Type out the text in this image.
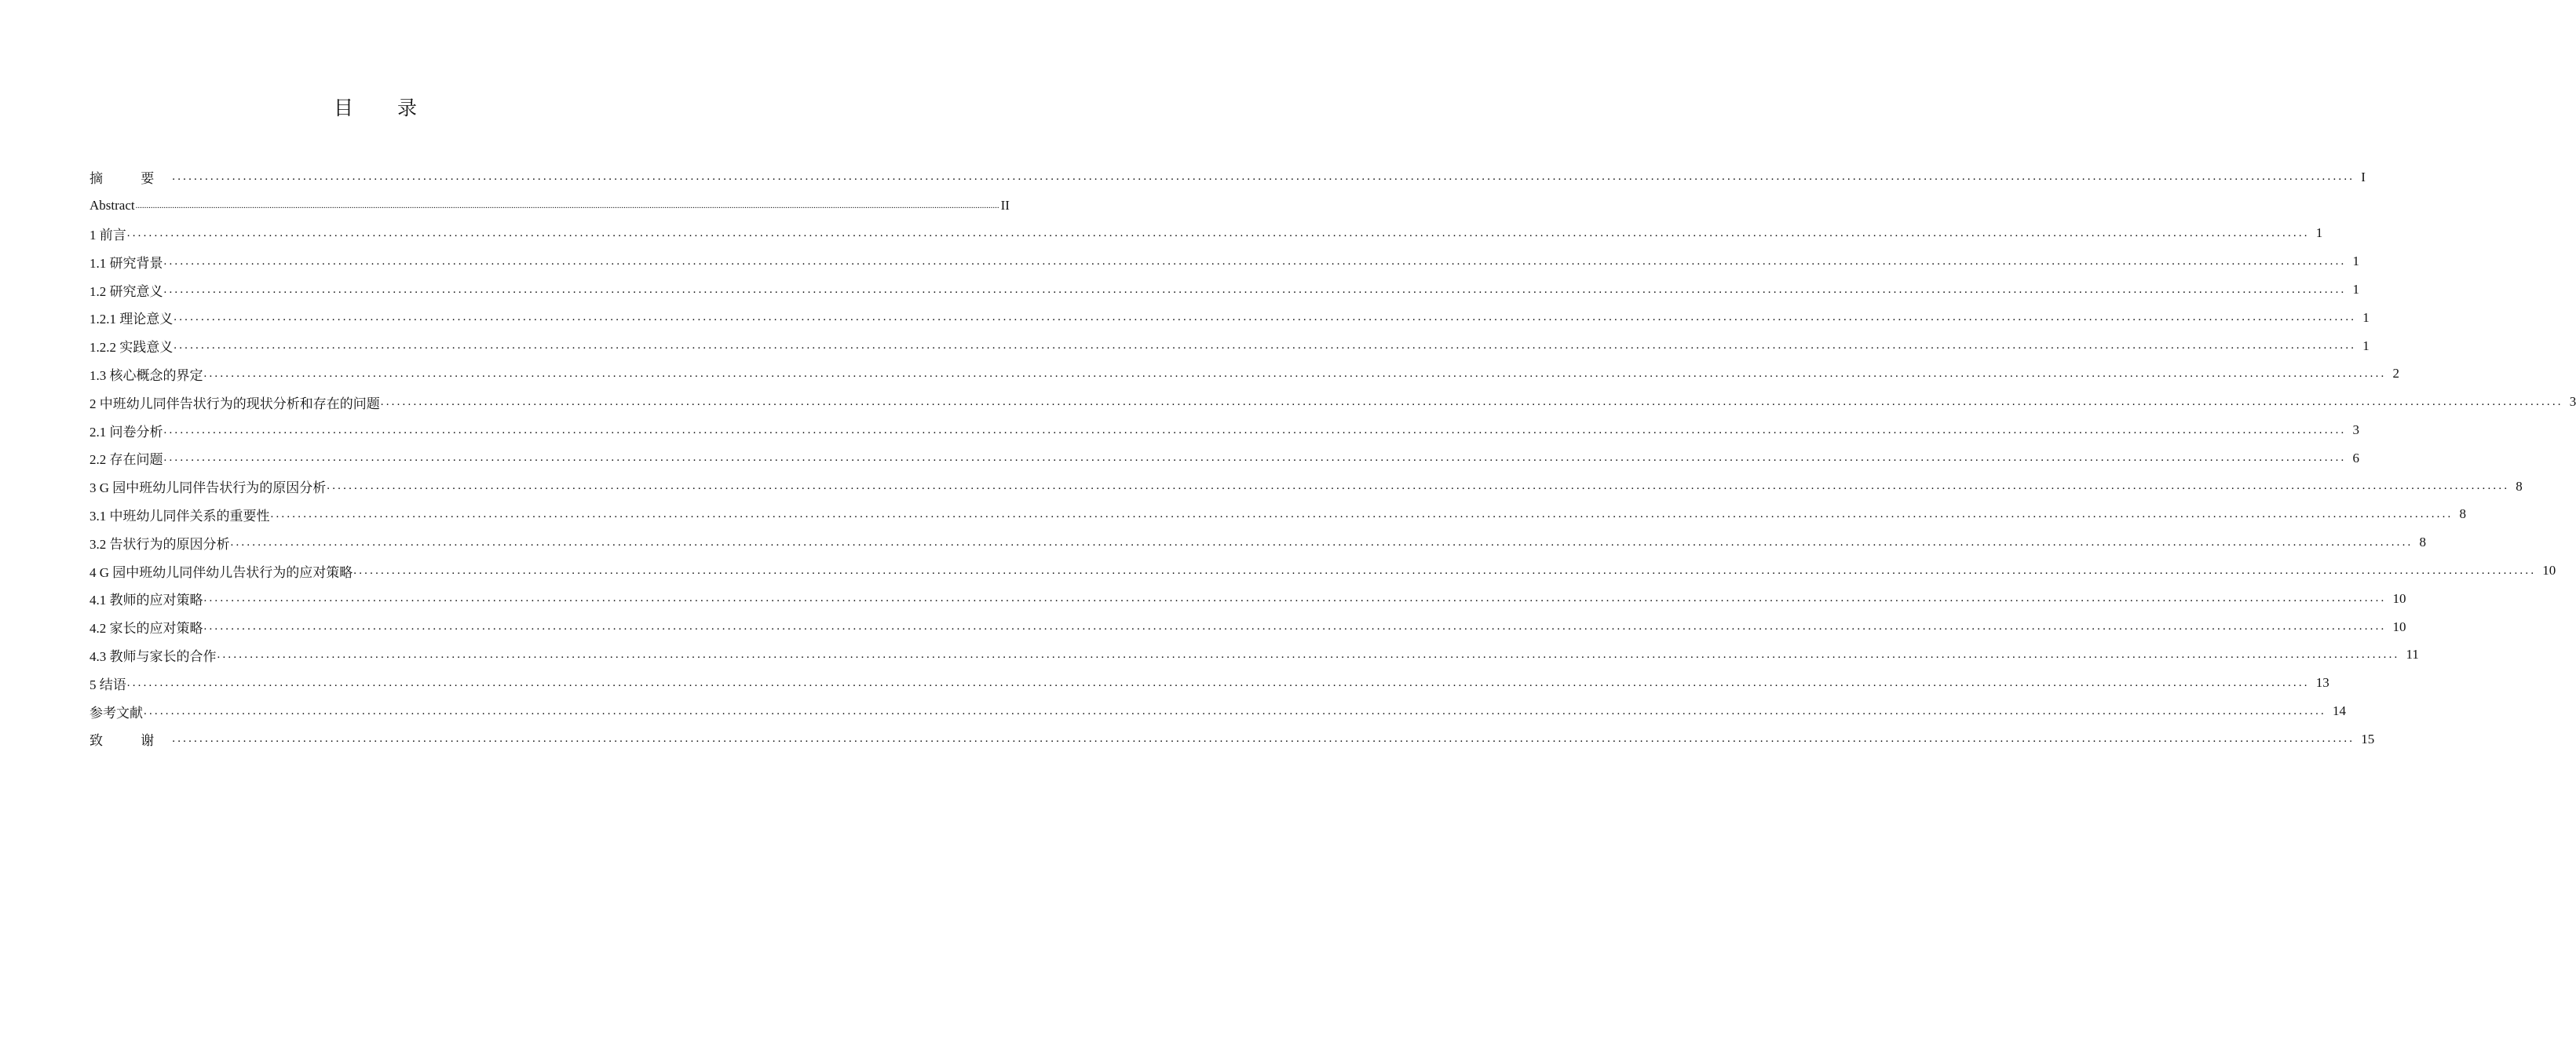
目 录
摘 要 ................................................................................................................................................................................................................................................................................................................................................................................................................ I
Abstract ................................................................................................................................................................................................................................................................................................................................................................................................................ II
1 前言 ................................................................................................................................................................................................................................................................................................................................................................................................................ 1
1.1 研究背景 ................................................................................................................................................................................................................................................................................................................................................................................................................ 1
1.2 研究意义 ................................................................................................................................................................................................................................................................................................................................................................................................................ 1
1.2.1 理论意义 ................................................................................................................................................................................................................................................................................................................................................................................................................ 1
1.2.2 实践意义 ................................................................................................................................................................................................................................................................................................................................................................................................................ 1
1.3 核心概念的界定 ................................................................................................................................................................................................................................................................................................................................................................................................................ 2
2 中班幼儿同伴告状行为的现状分析和存在的问题 ................................................................................................................................................................................................................................................................................................................................................................................................................ 3
2.1 问卷分析 ................................................................................................................................................................................................................................................................................................................................................................................................................ 3
2.2 存在问题 ................................................................................................................................................................................................................................................................................................................................................................................................................ 6
3 G 园中班幼儿同伴告状行为的原因分析 ................................................................................................................................................................................................................................................................................................................................................................................................................ 8
3.1 中班幼儿同伴关系的重要性 ................................................................................................................................................................................................................................................................................................................................................................................................................ 8
3.2 告状行为的原因分析 ................................................................................................................................................................................................................................................................................................................................................................................................................ 8
4 G 园中班幼儿同伴幼儿告状行为的应对策略 ................................................................................................................................................................................................................................................................................................................................................................................................................ 10
4.1 教师的应对策略 ................................................................................................................................................................................................................................................................................................................................................................................................................ 10
4.2 家长的应对策略 ................................................................................................................................................................................................................................................................................................................................................................................................................ 10
4.3 教师与家长的合作 ................................................................................................................................................................................................................................................................................................................................................................................................................ 11
5 结语 ................................................................................................................................................................................................................................................................................................................................................................................................................ 13
参考文献 ................................................................................................................................................................................................................................................................................................................................................................................................................ 14
致 谢 ................................................................................................................................................................................................................................................................................................................................................................................................................ 15
